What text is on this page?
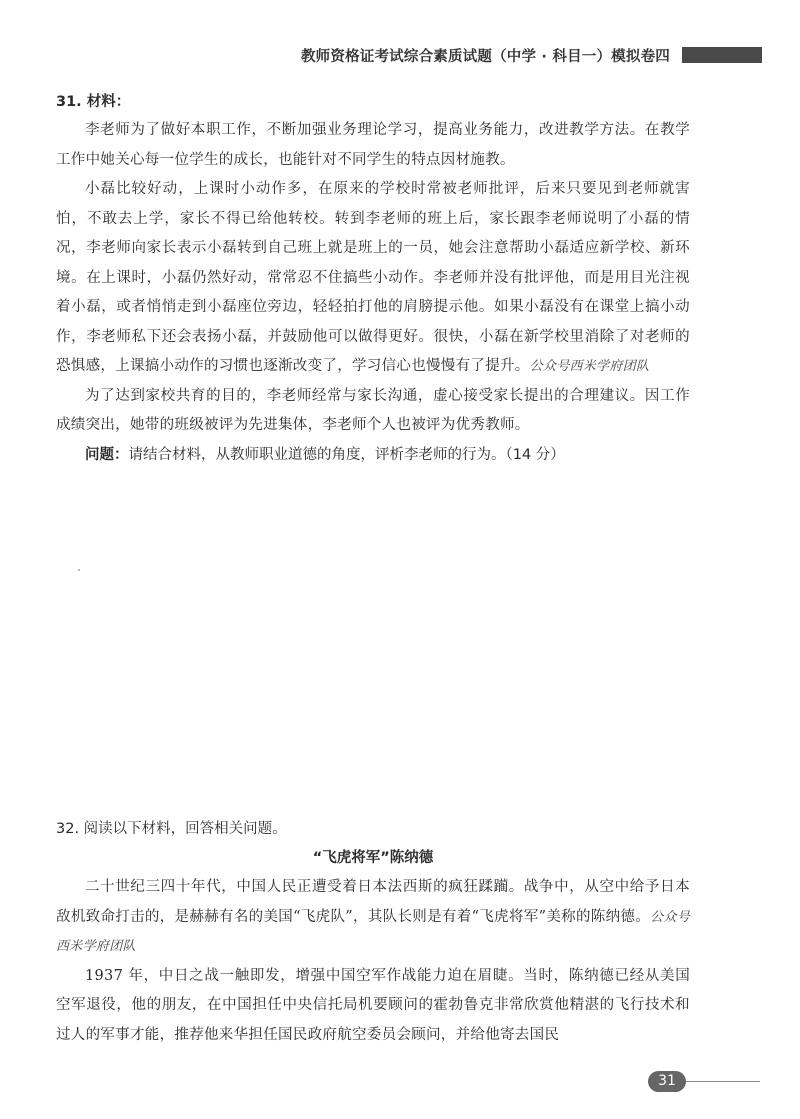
教师资格证考试综合素质试题（中学 · 科目一）模拟卷四
31. 材料：

李老师为了做好本职工作，不断加强业务理论学习，提高业务能力，改进教学方法。在教学工作中她关心每一位学生的成长，也能针对不同学生的特点因材施教。

小磊比较好动，上课时小动作多，在原来的学校时常被老师批评，后来只要见到老师就害怕，不敢去上学，家长不得已给他转校。转到李老师的班上后，家长跟李老师说明了小磊的情况，李老师向家长表示小磊转到自己班上就是班上的一员，她会注意帮助小磊适应新学校、新环境。在上课时，小磊仍然好动，常常忍不住搞些小动作。李老师并没有批评他，而是用目光注视着小磊，或者悄悄走到小磊座位旁边，轻轻拍打他的肩膀提示他。如果小磊没有在课堂上搞小动作，李老师私下还会表扬小磊，并鼓励他可以做得更好。很快，小磊在新学校里消除了对老师的恐惧感，上课搞小动作的习惯也逐渐改变了，学习信心也慢慢有了提升。公众号西米学府团队

为了达到家校共育的目的，李老师经常与家长沟通，虚心接受家长提出的合理建议。因工作成绩突出，她带的班级被评为先进集体，李老师个人也被评为优秀教师。

问题：请结合材料，从教师职业道德的角度，评析李老师的行为。（14 分）
32. 阅读以下材料，回答相关问题。
“飞虎将军”陈纳德

二十世纪三四十年代，中国人民正遭受着日本法西斯的疯狂蹂躏。战争中，从空中给予日本敌机致命打击的，是赫赫有名的美国“飞虎队”，其队长则是有着“飞虎将军”美称的陈纳德。公众号西米学府团队

1937 年，中日之战一触即发，增强中国空军作战能力迫在眉睫。当时，陈纳德已经从美国空军退役，他的朋友，在中国担任中央信托局机要顾问的霍勃鲁克非常欣赏他精湛的飞行技术和过人的军事才能，推荐他来华担任国民政府航空委员会顾问，并给他寄去国民

31
